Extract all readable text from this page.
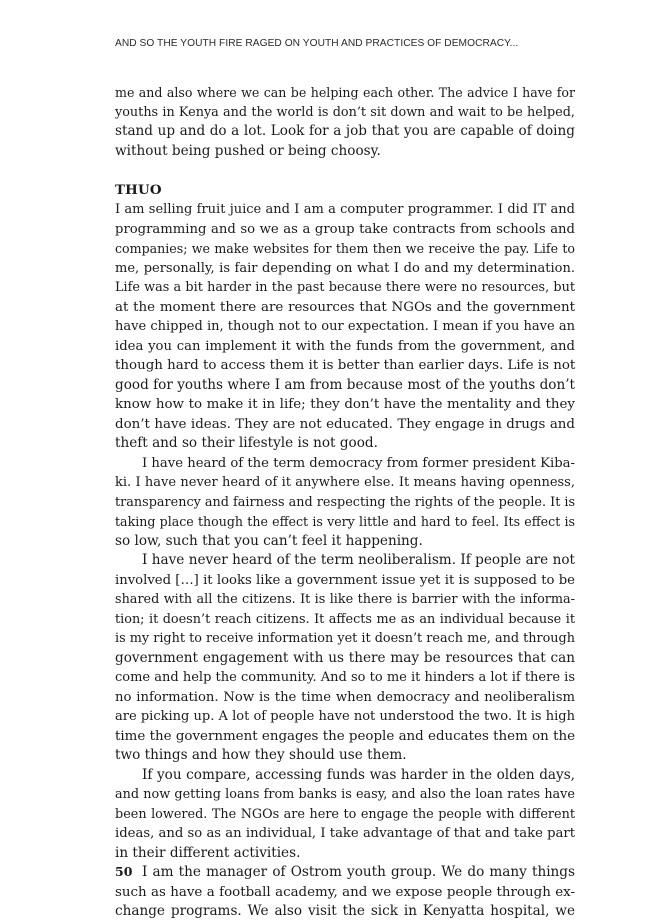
AND SO THE YOUTH FIRE RAGED ON YOUTH AND PRACTICES OF DEMOCRACY...
me and also where we can be helping each other. The advice I have for
youths in Kenya and the world is don’t sit down and wait to be helped,
stand up and do a lot. Look for a job that you are capable of doing
without being pushed or being choosy.
THUO
I am selling fruit juice and I am a computer programmer. I did IT and
programming and so we as a group take contracts from schools and
companies; we make websites for them then we receive the pay. Life to
me, personally, is fair depending on what I do and my determination.
Life was a bit harder in the past because there were no resources, but
at the moment there are resources that NGOs and the government
have chipped in, though not to our expectation. I mean if you have an
idea you can implement it with the funds from the government, and
though hard to access them it is better than earlier days. Life is not
good for youths where I am from because most of the youths don’t
know how to make it in life; they don’t have the mentality and they
don’t have ideas. They are not educated. They engage in drugs and
theft and so their lifestyle is not good.
I have heard of the term democracy from former president Kiba-
ki. I have never heard of it anywhere else. It means having openness,
transparency and fairness and respecting the rights of the people. It is
taking place though the effect is very little and hard to feel. Its effect is
so low, such that you can’t feel it happening.
I have never heard of the term neoliberalism. If people are not
involved […] it looks like a government issue yet it is supposed to be
shared with all the citizens. It is like there is barrier with the informa-
tion; it doesn’t reach citizens. It affects me as an individual because it
is my right to receive information yet it doesn’t reach me, and through
government engagement with us there may be resources that can
come and help the community. And so to me it hinders a lot if there is
no information. Now is the time when democracy and neoliberalism
are picking up. A lot of people have not understood the two. It is high
time the government engages the people and educates them on the
two things and how they should use them.
If you compare, accessing funds was harder in the olden days,
and now getting loans from banks is easy, and also the loan rates have
been lowered. The NGOs are here to engage the people with different
ideas, and so as an individual, I take advantage of that and take part
in their different activities.
I am the manager of Ostrom youth group. We do many things
such as have a football academy, and we expose people through ex-
change programs. We also visit the sick in Kenyatta hospital, we
50
